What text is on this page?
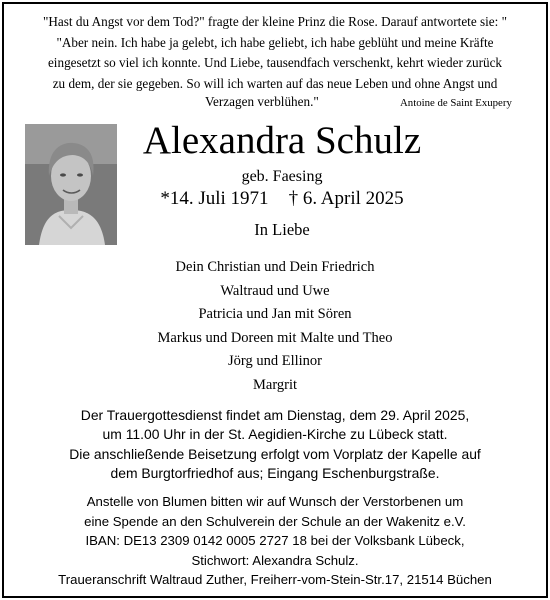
"Hast du Angst vor dem Tod?" fragte der kleine Prinz die Rose. Darauf antwortete sie: "
"Aber nein. Ich habe ja gelebt, ich habe geliebt, ich habe geblüht und meine Kräfte
eingesetzt so viel ich konnte. Und Liebe, tausendfach verschenkt, kehrt wieder zurück
zu dem, der sie gegeben. So will ich warten auf das neue Leben und ohne Angst und
Verzagen verblühen."	Antoine de Saint Exupery
Alexandra Schulz
geb. Faesing
*14. Juli 1971 † 6. April 2025
In Liebe
Dein Christian und Dein Friedrich
Waltraud und Uwe
Patricia und Jan mit Sören
Markus und Doreen mit Malte und Theo
Jörg und Ellinor
Margrit
Der Trauergottesdienst findet am Dienstag, dem 29. April 2025,
um 11.00 Uhr in der St. Aegidien-Kirche zu Lübeck statt.
Die anschließende Beisetzung erfolgt vom Vorplatz der Kapelle auf
dem Burgtorfriedhof aus; Eingang Eschenburgstraße.
Anstelle von Blumen bitten wir auf Wunsch der Verstorbenen um
eine Spende an den Schulverein der Schule an der Wakenitz e.V.
IBAN: DE13 2309 0142 0005 2727 18 bei der Volksbank Lübeck,
Stichwort: Alexandra Schulz.
Traueranschrift Waltraud Zuther, Freiherr-vom-Stein-Str.17, 21514 Büchen
